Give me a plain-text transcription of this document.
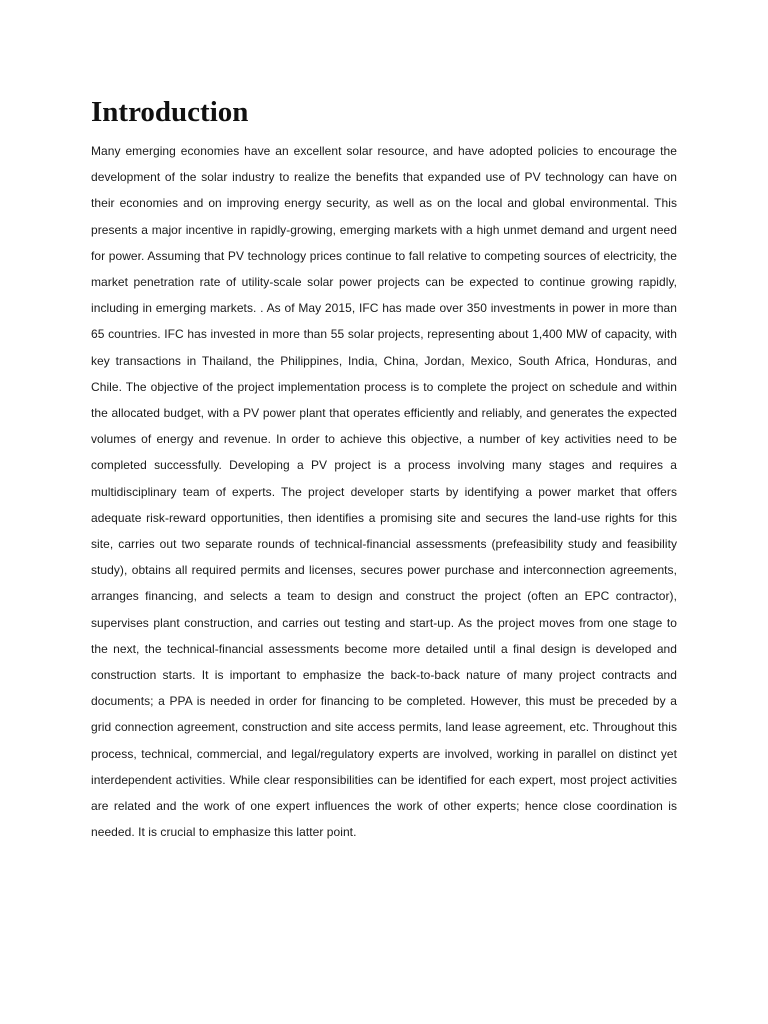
Introduction

Many emerging economies have an excellent solar resource, and have adopted policies to encourage the development of the solar industry to realize the benefits that expanded use of PV technology can have on their economies and on improving energy security, as well as on the local and global environmental. This presents a major incentive in rapidly-growing, emerging markets with a high unmet demand and urgent need for power. Assuming that PV technology prices continue to fall relative to competing sources of electricity, the market penetration rate of utility-scale solar power projects can be expected to continue growing rapidly, including in emerging markets. . As of May 2015, IFC has made over 350 investments in power in more than 65 countries. IFC has invested in more than 55 solar projects, representing about 1,400 MW of capacity, with key transactions in Thailand, the Philippines, India, China, Jordan, Mexico, South Africa, Honduras, and Chile. The objective of the project implementation process is to complete the project on schedule and within the allocated budget, with a PV power plant that operates efficiently and reliably, and generates the expected volumes of energy and revenue. In order to achieve this objective, a number of key activities need to be completed successfully. Developing a PV project is a process involving many stages and requires a multidisciplinary team of experts. The project developer starts by identifying a power market that offers adequate risk-reward opportunities, then identifies a promising site and secures the land-use rights for this site, carries out two separate rounds of technical-financial assessments (prefeasibility study and feasibility study), obtains all required permits and licenses, secures power purchase and interconnection agreements, arranges financing, and selects a team to design and construct the project (often an EPC contractor), supervises plant construction, and carries out testing and start-up. As the project moves from one stage to the next, the technical-financial assessments become more detailed until a final design is developed and construction starts. It is important to emphasize the back-to-back nature of many project contracts and documents; a PPA is needed in order for financing to be completed. However, this must be preceded by a grid connection agreement, construction and site access permits, land lease agreement, etc. Throughout this process, technical, commercial, and legal/regulatory experts are involved, working in parallel on distinct yet interdependent activities. While clear responsibilities can be identified for each expert, most project activities are related and the work of one expert influences the work of other experts; hence close coordination is needed. It is crucial to emphasize this latter point.
